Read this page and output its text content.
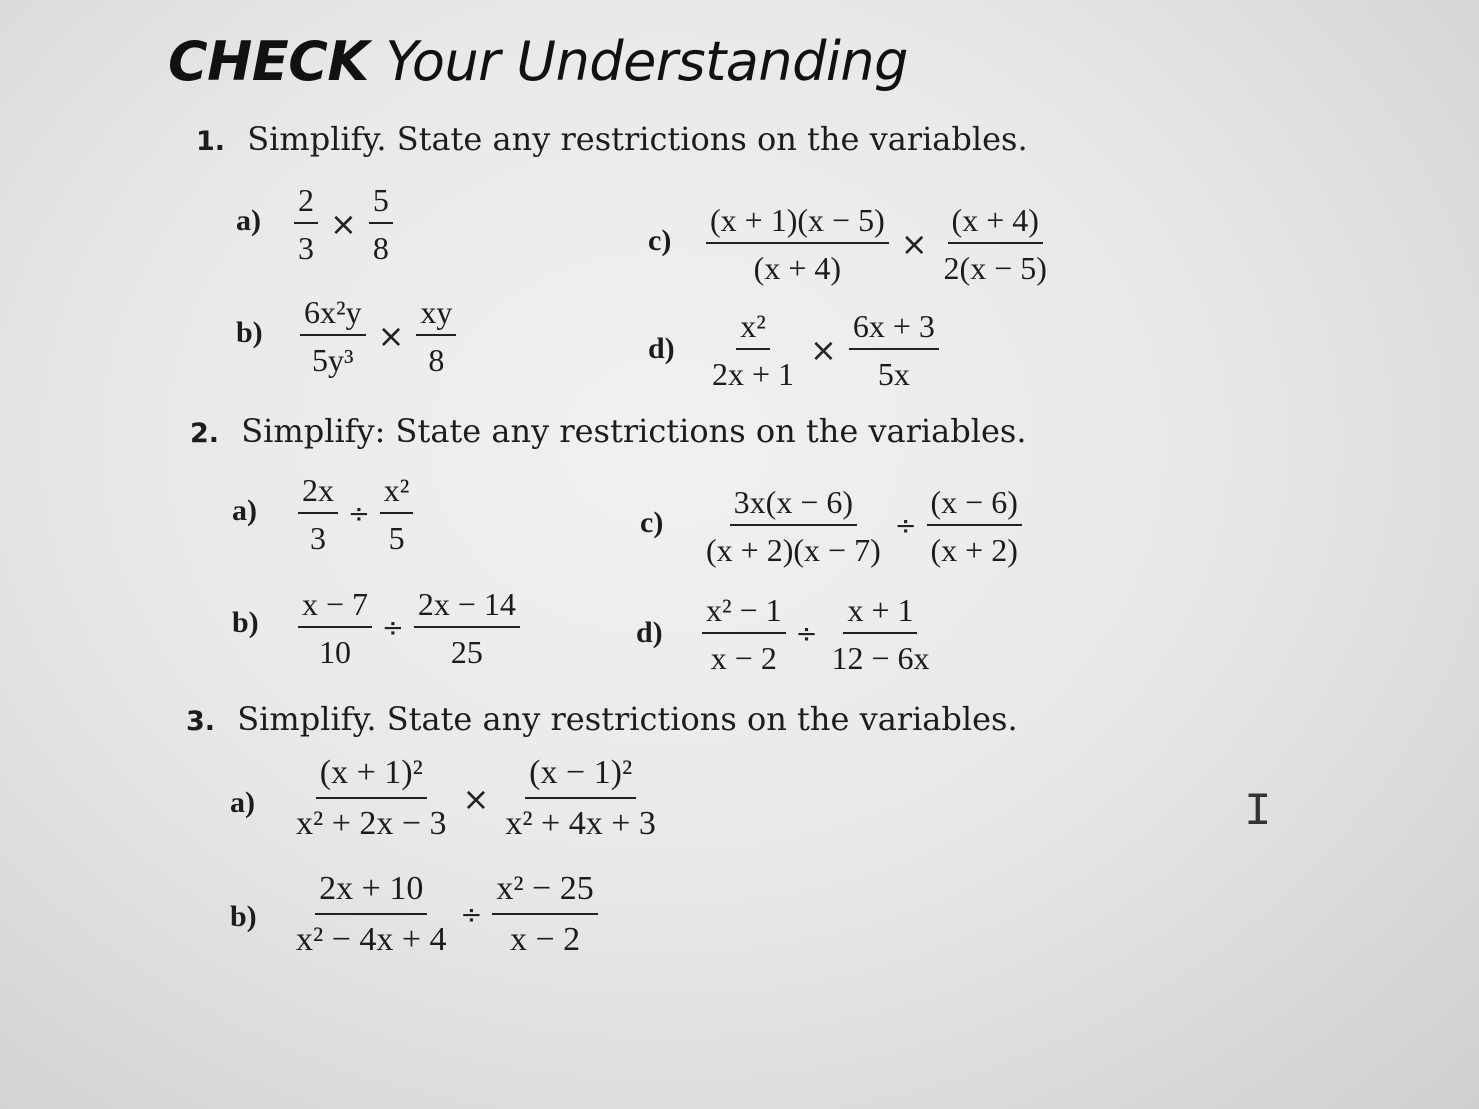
CHECK Your Understanding
1. Simplify. State any restrictions on the variables.
$a) \frac{2}{3} \times \frac{5}{8}$	$c) \frac{(x + 1)(x - 5)}{(x + 4)} \times \frac{(x + 4)}{2(x - 5)}$
$b) \frac{\text{6x²y}}{\text{5y³}} \times \frac{xy}{8}$	$d) \frac{\text{x²}}{2x + 1} \times \frac{6x + 3}{5x}$
2. Simplify: State any restrictions on the variables.
$a) \frac{2x}{3} \div \frac{\text{x²}}{5}$	$c) \frac{3x(x - 6)}{(x + 2)(x - 7)} \div \frac{(x - 6)}{(x + 2)}$
$b) \frac{x - 7}{10} \div \frac{2x - 14}{25}$	$d) \frac{\text{x² − 1}}{x - 2} \div \frac{x + 1}{12 - 6x}$
3. Simplify. State any restrictions on the variables.
$a) \frac{\text{(x + 1)²}}{\text{x² + 2x − 3}} \times \frac{\text{(x − 1)²}}{\text{x² + 4x + 3}}$
$b) \frac{2x + 10}{\text{x² − 4x + 4}} \div \frac{\text{x² − 25}}{x - 2}$
I
